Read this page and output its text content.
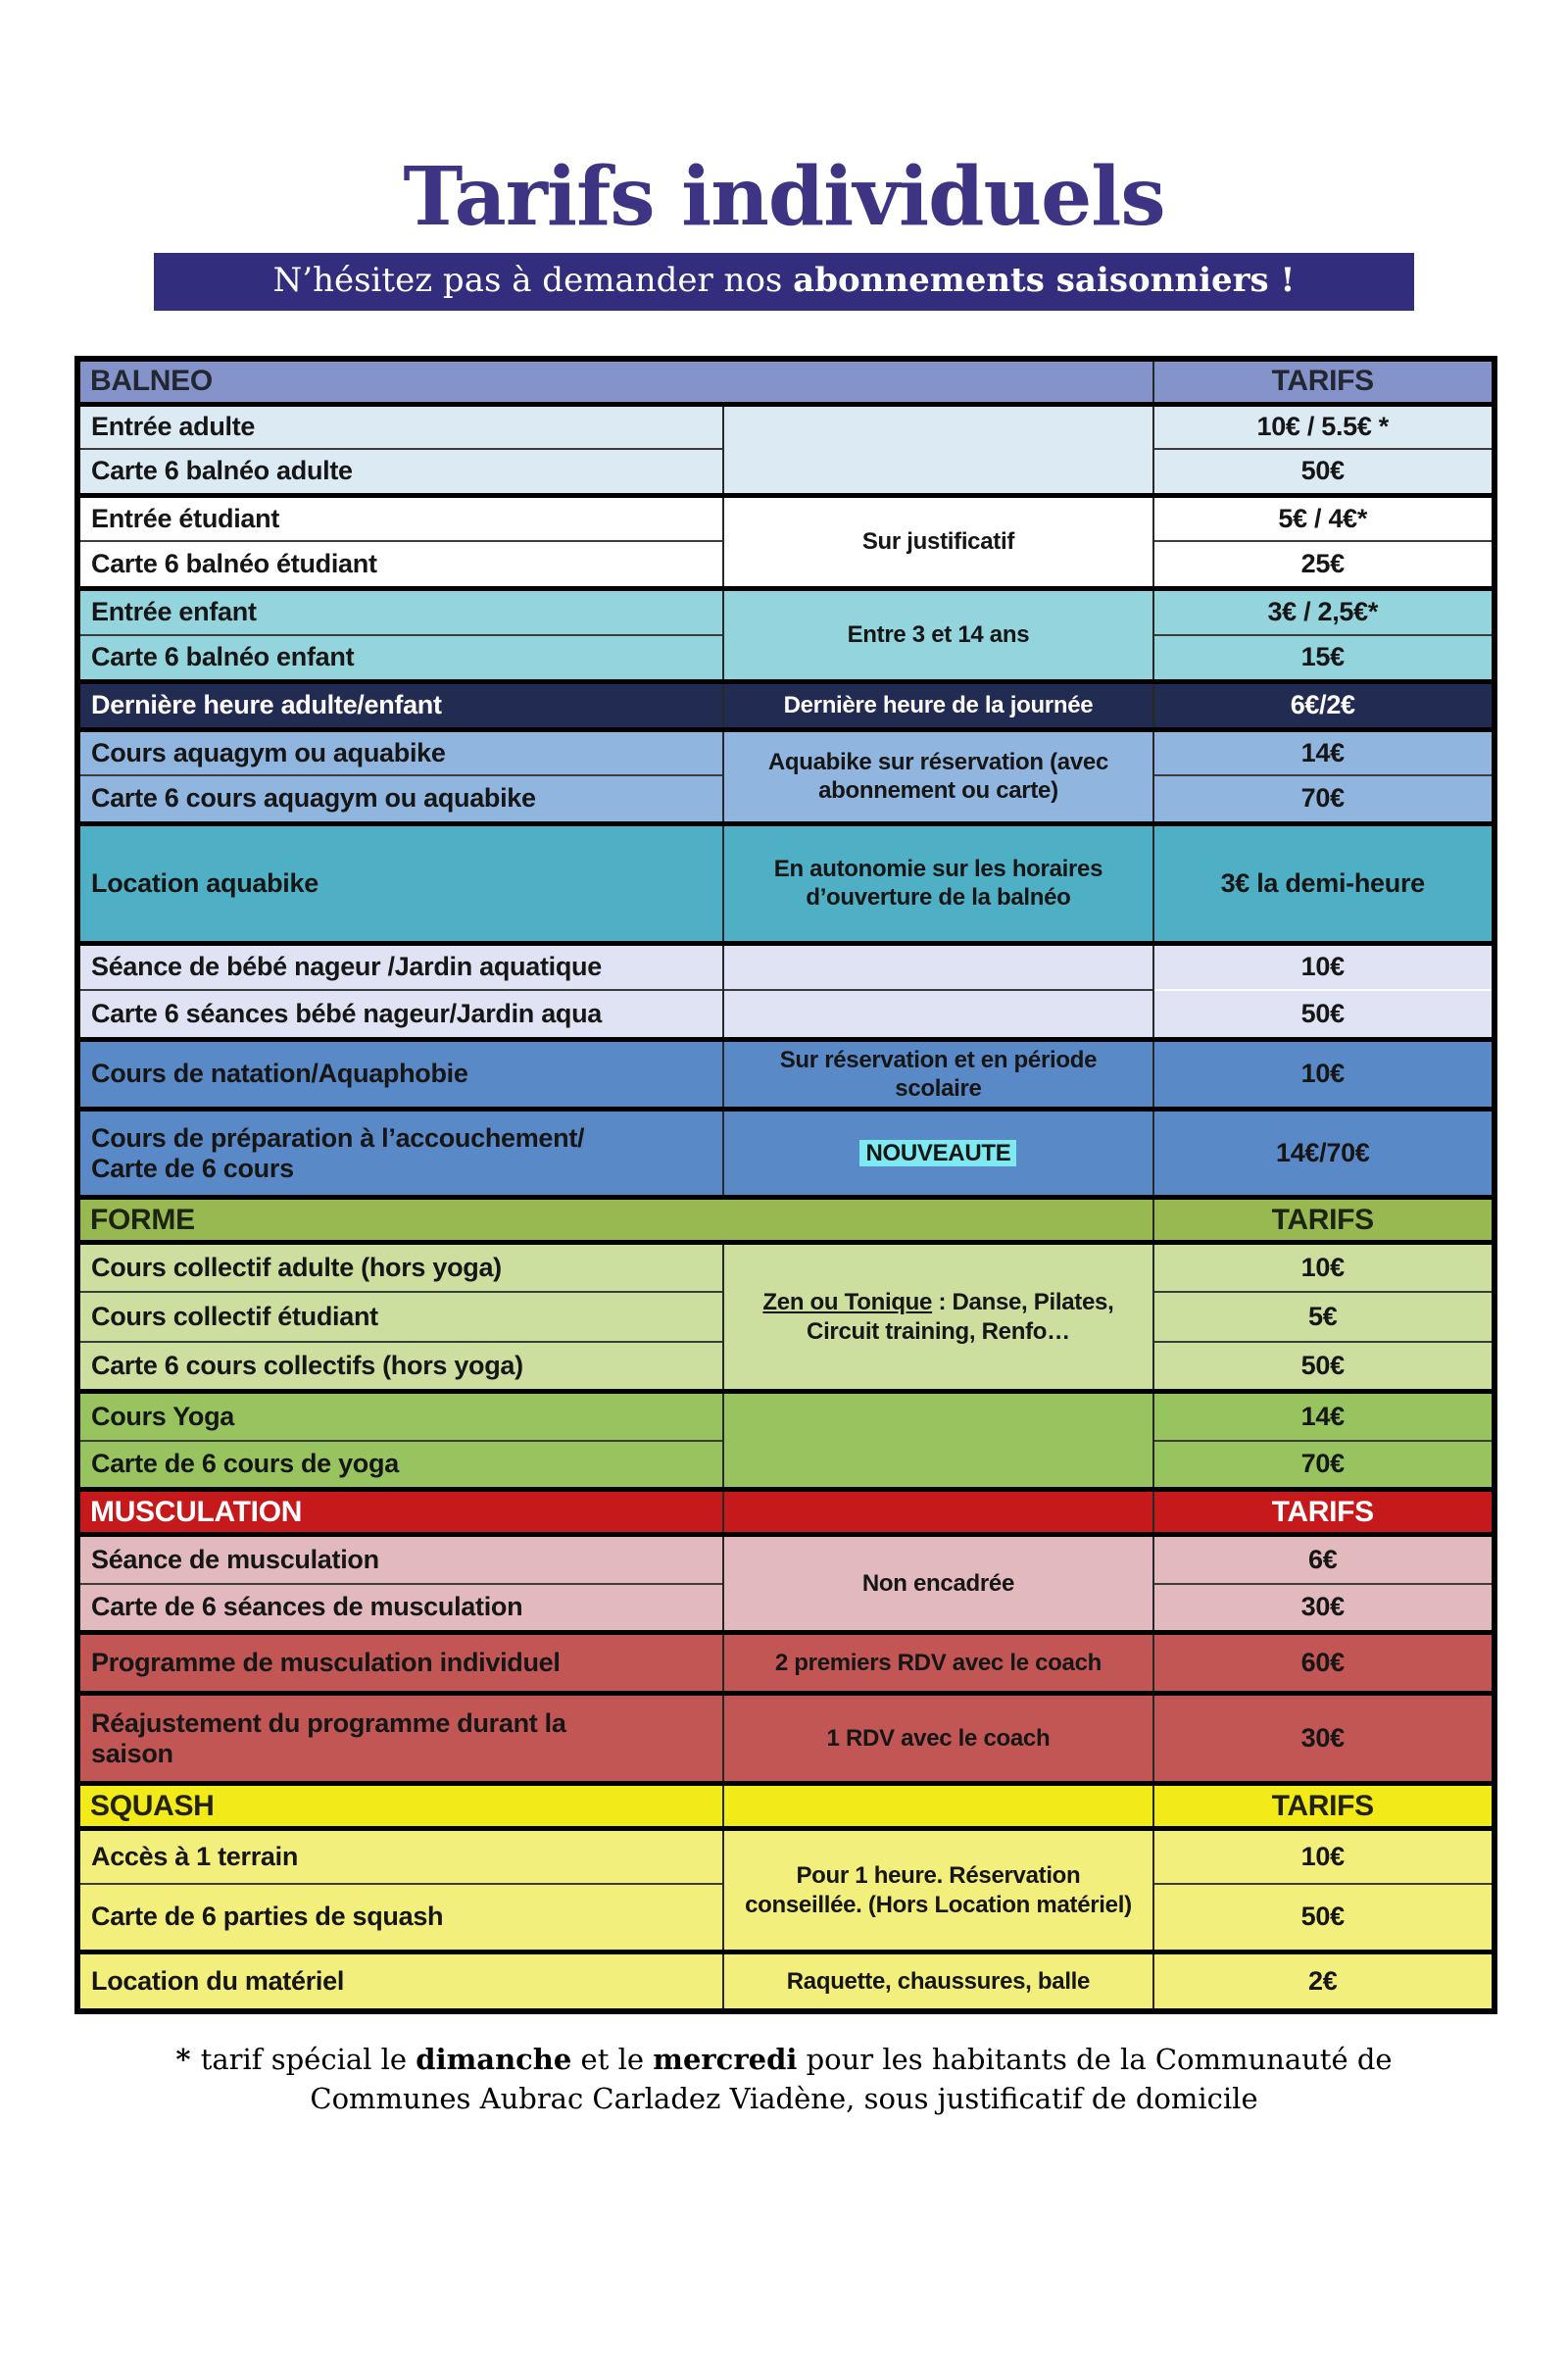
Tarifs individuels
N’hésitez pas à demander nos abonnements saisonniers !
BALNEO		TARIFS
Entrée adulte		10€ / 5.5€ *
Carte 6 balnéo adulte		50€
Entrée étudiant	Sur justificatif	5€ / 4€*
Carte 6 balnéo étudiant		25€
Entrée enfant	Entre 3 et 14 ans	3€ / 2,5€*
Carte 6 balnéo enfant		15€
Dernière heure adulte/enfant	Dernière heure de la journée	6€/2€
Cours aquagym ou aquabike	Aquabike sur réservation (avec abonnement ou carte)	14€
Carte 6 cours aquagym ou aquabike		70€
Location aquabike	En autonomie sur les horaires d’ouverture de la balnéo	3€ la demi-heure
Séance de bébé nageur /Jardin aquatique		10€
Carte 6 séances bébé nageur/Jardin aqua		50€
Cours de natation/Aquaphobie	Sur réservation et en période scolaire	10€
Cours de préparation à l’accouchement/ Carte de 6 cours	NOUVEAUTE	14€/70€
FORME		TARIFS
Cours collectif adulte (hors yoga)	Zen ou Tonique : Danse, Pilates, Circuit training, Renfo…	10€
Cours collectif étudiant		5€
Carte 6 cours collectifs (hors yoga)		50€
Cours Yoga		14€
Carte de 6 cours de yoga		70€
MUSCULATION		TARIFS
Séance de musculation	Non encadrée	6€
Carte de 6 séances de musculation		30€
Programme de musculation individuel	2 premiers RDV avec le coach	60€
Réajustement du programme durant la saison	1 RDV avec le coach	30€
SQUASH		TARIFS
Accès à 1 terrain	Pour 1 heure. Réservation conseillée. (Hors Location matériel)	10€
Carte de 6 parties de squash		50€
Location du matériel	Raquette, chaussures, balle	2€

* tarif spécial le dimanche et le mercredi pour les habitants de la Communauté de Communes Aubrac Carladez Viadène, sous justificatif de domicile
